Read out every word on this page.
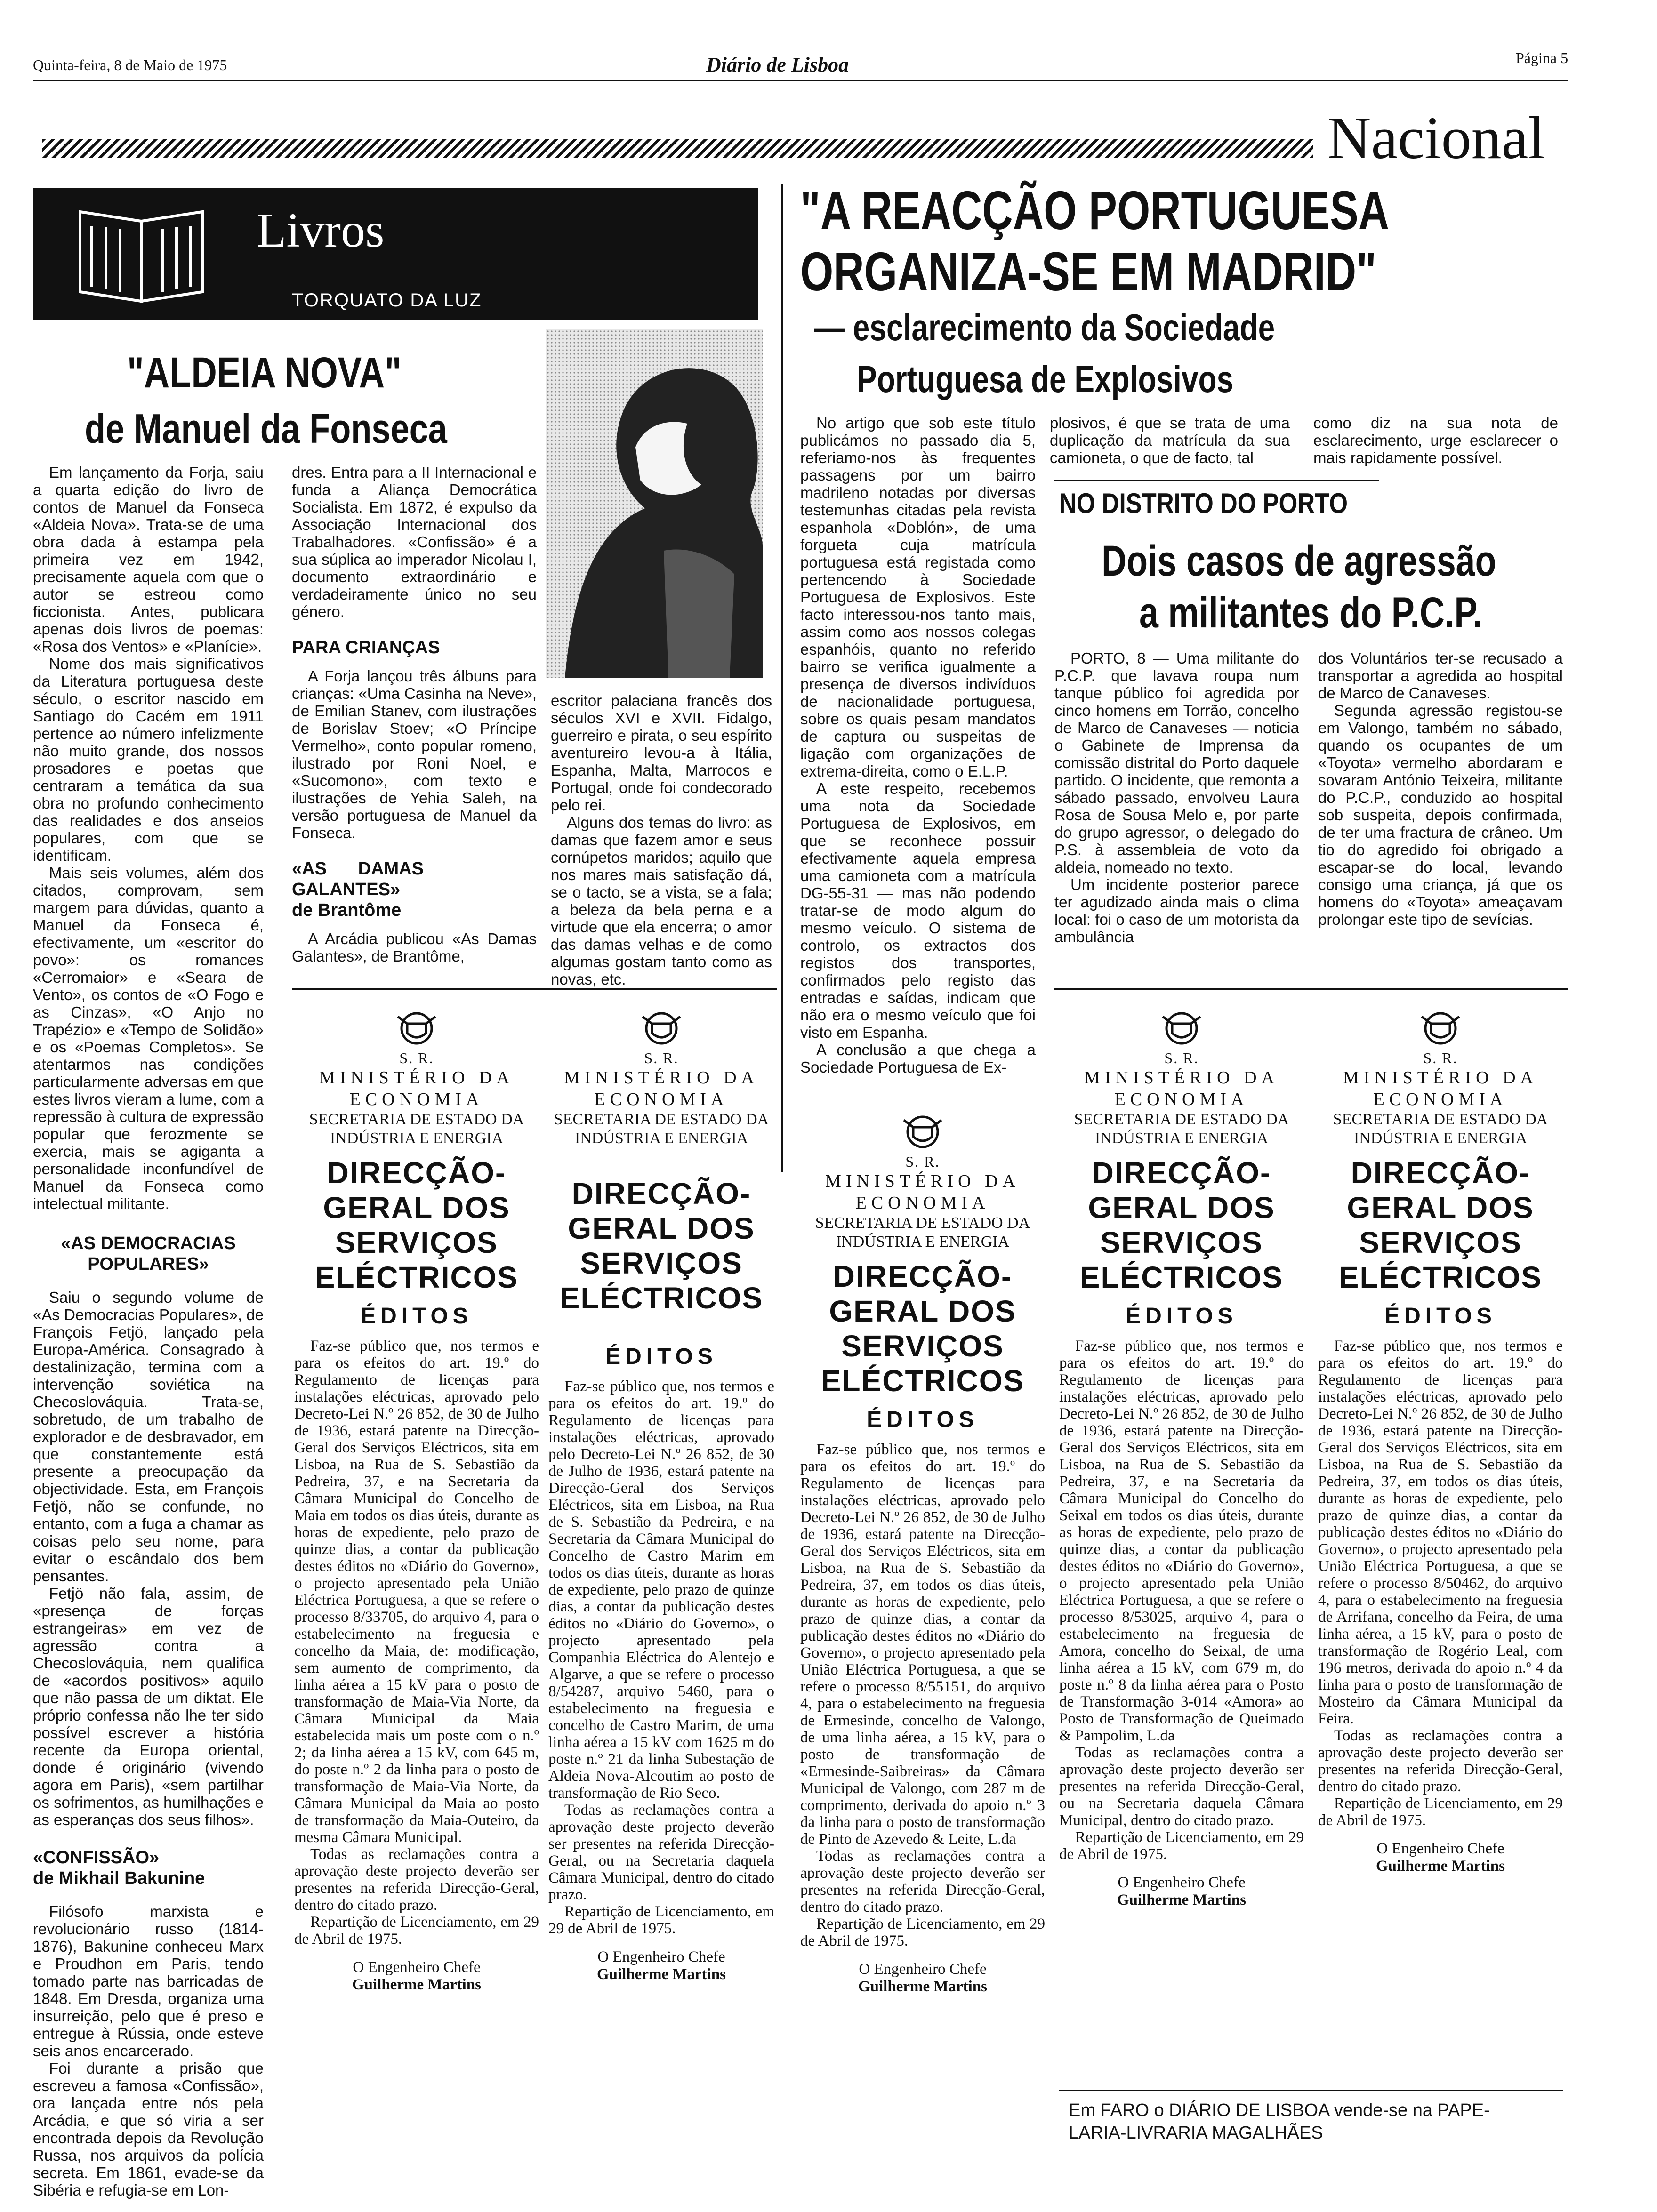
Quinta-feira, 8 de Maio de 1975	Diário de Lisboa	Página 5
Nacional
Livros
TORQUATO DA LUZ
"ALDEIA NOVA"
de Manuel da Fonseca

Em lançamento da Forja, saiu a quarta edição do livro de contos de Manuel da Fonseca «Aldeia Nova». Trata-se de uma obra dada à estampa pela primeira vez em 1942, precisamente aquela com que o autor se estreou como ficcionista. Antes, publicara apenas dois livros de poemas: «Rosa dos Ventos» e «Planície».

Nome dos mais significativos da Literatura portuguesa deste século, o escritor nascido em Santiago do Cacém em 1911 pertence ao número infelizmente não muito grande, dos nossos prosadores e poetas que centraram a temática da sua obra no profundo conhecimento das realidades e dos anseios populares, com que se identificam.

Mais seis volumes, além dos citados, comprovam, sem margem para dúvidas, quanto a Manuel da Fonseca é, efectivamente, um «escritor do povo»: os romances «Cerromaior» e «Seara de Vento», os contos de «O Fogo e as Cinzas», «O Anjo no Trapézio» e «Tempo de Solidão» e os «Poemas Completos». Se atentarmos nas condições particularmente adversas em que estes livros vieram a lume, com a repressão à cultura de expressão popular que ferozmente se exercia, mais se agiganta a personalidade inconfundível de Manuel da Fonseca como intelectual militante.

«AS DEMOCRACIAS POPULARES»

Saiu o segundo volume de «As Democracias Populares», de François Fetjö, lançado pela Europa-América. Consagrado à destalinização, termina com a intervenção soviética na Checoslováquia. Trata-se, sobretudo, de um trabalho de explorador e de desbravador, em que constantemente está presente a preocupação da objectividade. Esta, em François Fetjö, não se confunde, no entanto, com a fuga a chamar as coisas pelo seu nome, para evitar o escândalo dos bem pensantes.

Fetjö não fala, assim, de «presença de forças estrangeiras» em vez de agressão contra a Checoslováquia, nem qualifica de «acordos positivos» aquilo que não passa de um diktat. Ele próprio confessa não lhe ter sido possível escrever a história recente da Europa oriental, donde é originário (vivendo agora em Paris), «sem partilhar os sofrimentos, as humilhações e as esperanças dos seus filhos».

«CONFISSÃO»
de Mikhail Bakunine

Filósofo marxista e revolucionário russo (1814-1876), Bakunine conheceu Marx e Proudhon em Paris, tendo tomado parte nas barricadas de 1848. Em Dresda, organiza uma insurreição, pelo que é preso e entregue à Rússia, onde esteve seis anos encarcerado.

Foi durante a prisão que escreveu a famosa «Confissão», ora lançada entre nós pela Arcádia, e que só viria a ser encontrada depois da Revolução Russa, nos arquivos da polícia secreta. Em 1861, evade-se da Sibéria e refugia-se em Lon-

dres. Entra para a II Internacional e funda a Aliança Democrática Socialista. Em 1872, é expulso da Associação Internacional dos Trabalhadores. «Confissão» é a sua súplica ao imperador Nicolau I, documento extraordinário e verdadeiramente único no seu género.

PARA CRIANÇAS

A Forja lançou três álbuns para crianças: «Uma Casinha na Neve», de Emilian Stanev, com ilustrações de Borislav Stoev; «O Príncipe Vermelho», conto popular romeno, ilustrado por Roni Noel, e «Sucomono», com texto e ilustrações de Yehia Saleh, na versão portuguesa de Manuel da Fonseca.

«AS DAMAS GALANTES»
de Brantôme

A Arcádia publicou «As Damas Galantes», de Brantôme,

escritor palaciana francês dos séculos XVI e XVII. Fidalgo, guerreiro e pirata, o seu espírito aventureiro levou-a à Itália, Espanha, Malta, Marrocos e Portugal, onde foi condecorado pelo rei.

Alguns dos temas do livro: as damas que fazem amor e seus cornúpetos maridos; aquilo que nos mares mais satisfação dá, se o tacto, se a vista, se a fala; a beleza da bela perna e a virtude que ela encerra; o amor das damas velhas e de como algumas gostam tanto como as novas, etc.

"A REACÇÃO PORTUGUESA
ORGANIZA-SE EM MADRID"
— esclarecimento da Sociedade
Portuguesa de Explosivos

No artigo que sob este título publicámos no passado dia 5, referiamo-nos às frequentes passagens por um bairro madrileno notadas por diversas testemunhas citadas pela revista espanhola «Doblón», de uma forgueta cuja matrícula portuguesa está registada como pertencendo à Sociedade Portuguesa de Explosivos. Este facto interessou-nos tanto mais, assim como aos nossos colegas espanhóis, quanto no referido bairro se verifica igualmente a presença de diversos indivíduos de nacionalidade portuguesa, sobre os quais pesam mandatos de captura ou suspeitas de ligação com organizações de extrema-direita, como o E.L.P.

A este respeito, recebemos uma nota da Sociedade Portuguesa de Explosivos, em que se reconhece possuir efectivamente aquela empresa uma camioneta com a matrícula DG-55-31 — mas não podendo tratar-se de modo algum do mesmo veículo. O sistema de controlo, os extractos dos registos dos transportes, confirmados pelo registo das entradas e saídas, indicam que não era o mesmo veículo que foi visto em Espanha.

A conclusão a que chega a Sociedade Portuguesa de Ex-

plosivos, é que se trata de uma duplicação da matrícula da sua camioneta, o que de facto, tal

como diz na sua nota de esclarecimento, urge esclarecer o mais rapidamente possível.

NO DISTRITO DO PORTO
Dois casos de agressão
a militantes do P.C.P.

PORTO, 8 — Uma militante do P.C.P. que lavava roupa num tanque público foi agredida por cinco homens em Torrão, concelho de Marco de Canaveses — noticia o Gabinete de Imprensa da comissão distrital do Porto daquele partido. O incidente, que remonta a sábado passado, envolveu Laura Rosa de Sousa Melo e, por parte do grupo agressor, o delegado do P.S. à assembleia de voto da aldeia, nomeado no texto.

Um incidente posterior parece ter agudizado ainda mais o clima local: foi o caso de um motorista da ambulância

dos Voluntários ter-se recusado a transportar a agredida ao hospital de Marco de Canaveses.

Segunda agressão registou-se em Valongo, também no sábado, quando os ocupantes de um «Toyota» vermelho abordaram e sovaram António Teixeira, militante do P.C.P., conduzido ao hospital sob suspeita, depois confirmada, de ter uma fractura de crâneo. Um tio do agredido foi obrigado a escapar-se do local, levando consigo uma criança, já que os homens do «Toyota» ameaçavam prolongar este tipo de sevícias.

S. R.
MINISTÉRIO DA ECONOMIA
SECRETARIA DE ESTADO DA INDÚSTRIA E ENERGIA
DIRECÇÃO-GERAL DOS SERVIÇOS ELÉCTRICOS
ÉDITOS
Faz-se público que, nos termos e para os efeitos do art. 19.º do Regulamento de licenças para instalações eléctricas, aprovado pelo Decreto-Lei N.º 26 852, de 30 de Julho de 1936, estará patente na Direcção-Geral dos Serviços Eléctricos, sita em Lisboa, na Rua de S. Sebastião da Pedreira, 37, e na Secretaria da Câmara Municipal do Concelho de Maia em todos os dias úteis, durante as horas de expediente, pelo prazo de quinze dias, a contar da publicação destes éditos no «Diário do Governo», o projecto apresentado pela União Eléctrica Portuguesa, a que se refere o processo 8/33705, do arquivo 4, para o estabelecimento na freguesia e concelho da Maia, de: modificação, sem aumento de comprimento, da linha aérea a 15 kV para o posto de transformação de Maia-Via Norte, da Câmara Municipal da Maia estabelecida mais um poste com o n.º 2; da linha aérea a 15 kV, com 645 m, do poste n.º 2 da linha para o posto de transformação de Maia-Via Norte, da Câmara Municipal da Maia ao posto de transformação da Maia-Outeiro, da mesma Câmara Municipal.
Todas as reclamações contra a aprovação deste projecto deverão ser presentes na referida Direcção-Geral, dentro do citado prazo.
Repartição de Licenciamento, em 29 de Abril de 1975.
O Engenheiro Chefe
Guilherme Martins
S. R.
MINISTÉRIO DA ECONOMIA
SECRETARIA DE ESTADO DA INDÚSTRIA E ENERGIA
DIRECÇÃO-GERAL DOS SERVIÇOS ELÉCTRICOS
ÉDITOS
Faz-se público que, nos termos e para os efeitos do art. 19.º do Regulamento de licenças para instalações eléctricas, aprovado pelo Decreto-Lei N.º 26 852, de 30 de Julho de 1936, estará patente na Direcção-Geral dos Serviços Eléctricos, sita em Lisboa, na Rua de S. Sebastião da Pedreira, e na Secretaria da Câmara Municipal do Concelho de Castro Marim em todos os dias úteis, durante as horas de expediente, pelo prazo de quinze dias, a contar da publicação destes éditos no «Diário do Governo», o projecto apresentado pela Companhia Eléctrica do Alentejo e Algarve, a que se refere o processo 8/54287, arquivo 5460, para o estabelecimento na freguesia e concelho de Castro Marim, de uma linha aérea a 15 kV com 1625 m do poste n.º 21 da linha Subestação de Aldeia Nova-Alcoutim ao posto de transformação de Rio Seco.
Todas as reclamações contra a aprovação deste projecto deverão ser presentes na referida Direcção-Geral, ou na Secretaria daquela Câmara Municipal, dentro do citado prazo.
Repartição de Licenciamento, em 29 de Abril de 1975.
O Engenheiro Chefe
Guilherme Martins
S. R.
MINISTÉRIO DA ECONOMIA
SECRETARIA DE ESTADO DA INDÚSTRIA E ENERGIA
DIRECÇÃO-GERAL DOS SERVIÇOS ELÉCTRICOS
ÉDITOS
Faz-se público que, nos termos e para os efeitos do art. 19.º do Regulamento de licenças para instalações eléctricas, aprovado pelo Decreto-Lei N.º 26 852, de 30 de Julho de 1936, estará patente na Direcção-Geral dos Serviços Eléctricos, sita em Lisboa, na Rua de S. Sebastião da Pedreira, 37, em todos os dias úteis, durante as horas de expediente, pelo prazo de quinze dias, a contar da publicação destes éditos no «Diário do Governo», o projecto apresentado pela União Eléctrica Portuguesa, a que se refere o processo 8/55151, do arquivo 4, para o estabelecimento na freguesia de Ermesinde, concelho de Valongo, de uma linha aérea, a 15 kV, para o posto de transformação de «Ermesinde-Saibreiras» da Câmara Municipal de Valongo, com 287 m de comprimento, derivada do apoio n.º 3 da linha para o posto de transformação de Pinto de Azevedo & Leite, L.da
Todas as reclamações contra a aprovação deste projecto deverão ser presentes na referida Direcção-Geral, dentro do citado prazo.
Repartição de Licenciamento, em 29 de Abril de 1975.
O Engenheiro Chefe
Guilherme Martins
S. R.
MINISTÉRIO DA ECONOMIA
SECRETARIA DE ESTADO DA INDÚSTRIA E ENERGIA
DIRECÇÃO-GERAL DOS SERVIÇOS ELÉCTRICOS
ÉDITOS
Faz-se público que, nos termos e para os efeitos do art. 19.º do Regulamento de licenças para instalações eléctricas, aprovado pelo Decreto-Lei N.º 26 852, de 30 de Julho de 1936, estará patente na Direcção-Geral dos Serviços Eléctricos, sita em Lisboa, na Rua de S. Sebastião da Pedreira, 37, e na Secretaria da Câmara Municipal do Concelho do Seixal em todos os dias úteis, durante as horas de expediente, pelo prazo de quinze dias, a contar da publicação destes éditos no «Diário do Governo», o projecto apresentado pela União Eléctrica Portuguesa, a que se refere o processo 8/53025, arquivo 4, para o estabelecimento na freguesia de Amora, concelho do Seixal, de uma linha aérea a 15 kV, com 679 m, do poste n.º 8 da linha aérea para o Posto de Transformação 3-014 «Amora» ao Posto de Transformação de Queimado & Pampolim, L.da
Todas as reclamações contra a aprovação deste projecto deverão ser presentes na referida Direcção-Geral, ou na Secretaria daquela Câmara Municipal, dentro do citado prazo.
Repartição de Licenciamento, em 29 de Abril de 1975.
O Engenheiro Chefe
Guilherme Martins
S. R.
MINISTÉRIO DA ECONOMIA
SECRETARIA DE ESTADO DA INDÚSTRIA E ENERGIA
DIRECÇÃO-GERAL DOS SERVIÇOS ELÉCTRICOS
ÉDITOS
Faz-se público que, nos termos e para os efeitos do art. 19.º do Regulamento de licenças para instalações eléctricas, aprovado pelo Decreto-Lei N.º 26 852, de 30 de Julho de 1936, estará patente na Direcção-Geral dos Serviços Eléctricos, sita em Lisboa, na Rua de S. Sebastião da Pedreira, 37, em todos os dias úteis, durante as horas de expediente, pelo prazo de quinze dias, a contar da publicação destes éditos no «Diário do Governo», o projecto apresentado pela União Eléctrica Portuguesa, a que se refere o processo 8/50462, do arquivo 4, para o estabelecimento na freguesia de Arrifana, concelho da Feira, de uma linha aérea, a 15 kV, para o posto de transformação de Rogério Leal, com 196 metros, derivada do apoio n.º 4 da linha para o posto de transformação de Mosteiro da Câmara Municipal da Feira.
Todas as reclamações contra a aprovação deste projecto deverão ser presentes na referida Direcção-Geral, dentro do citado prazo.
Repartição de Licenciamento, em 29 de Abril de 1975.
O Engenheiro Chefe
Guilherme Martins
Em FARO o DIÁRIO DE LISBOA vende-se na PAPE-
LARIA-LIVRARIA MAGALHÃES
